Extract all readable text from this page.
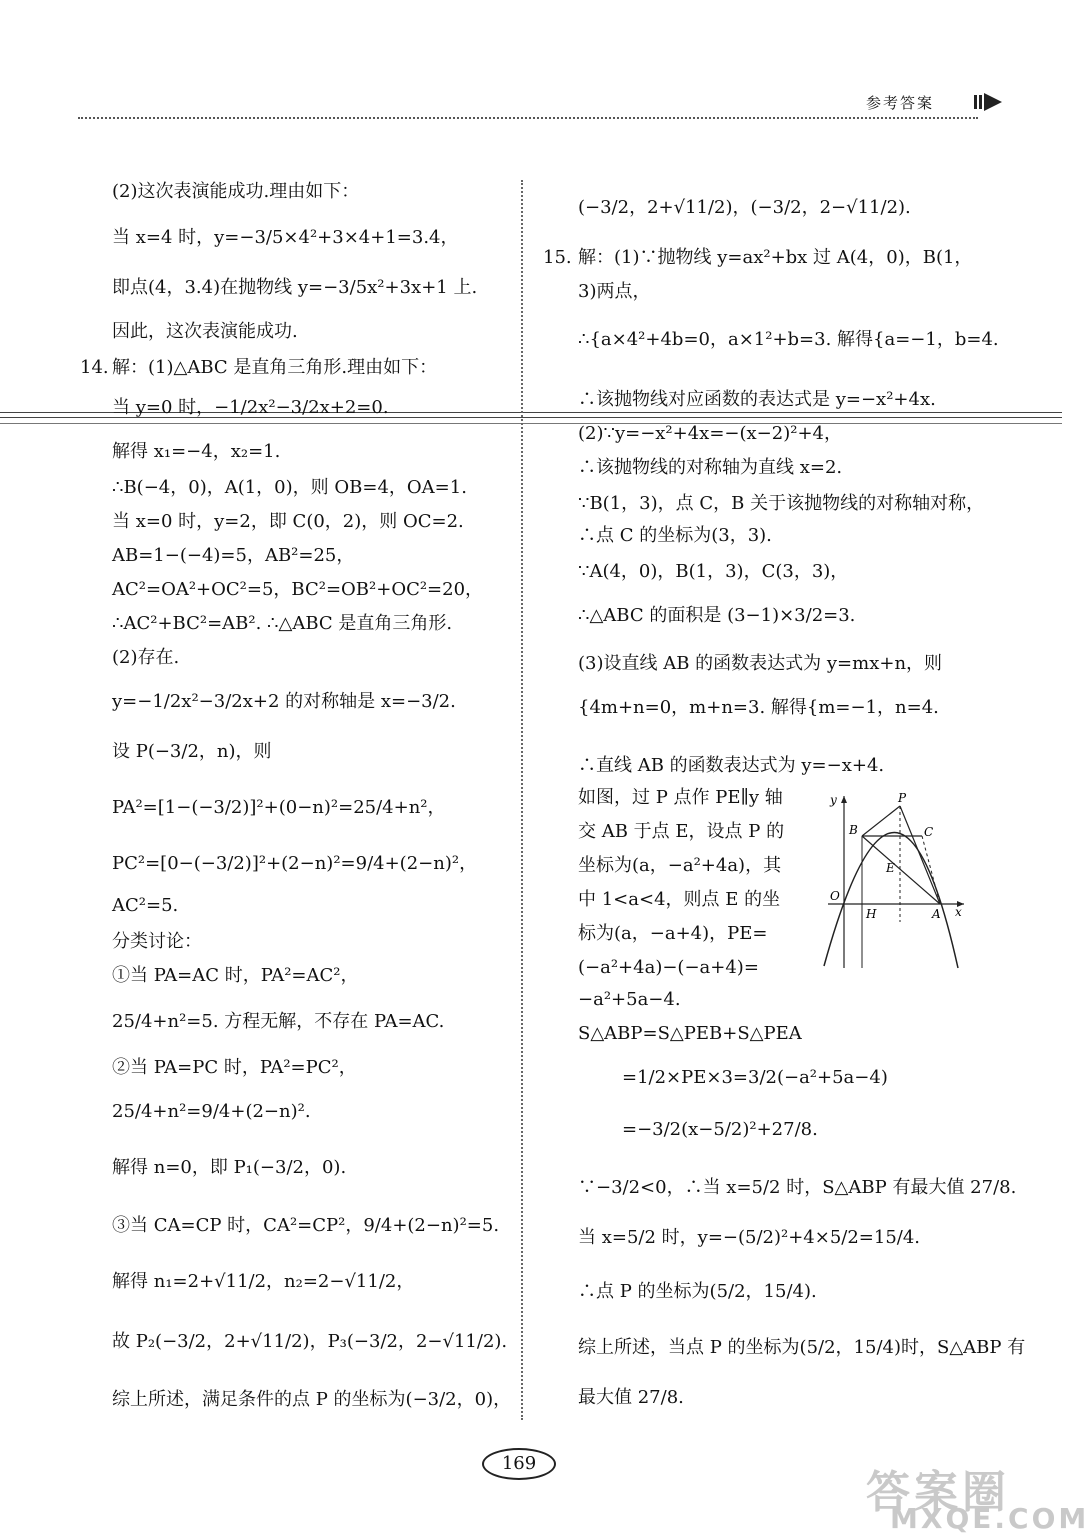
参考答案
14.
(2)这次表演能成功.理由如下：
当 x=4 时，y=−3/5×4²+3×4+1=3.4，
即点(4，3.4)在抛物线 y=−3/5x²+3x+1 上.
因此，这次表演能成功.
解：(1)△ABC 是直角三角形.理由如下：
当 y=0 时，−1/2x²−3/2x+2=0.
解得 x₁=−4，x₂=1.
∴B(−4，0)，A(1，0)，则 OB=4，OA=1.
当 x=0 时，y=2，即 C(0，2)，则 OC=2.
AB=1−(−4)=5，AB²=25，
AC²=OA²+OC²=5，BC²=OB²+OC²=20，
∴AC²+BC²=AB². ∴△ABC 是直角三角形.
(2)存在.
y=−1/2x²−3/2x+2 的对称轴是 x=−3/2.
设 P(−3/2，n)，则
PA²=[1−(−3/2)]²+(0−n)²=25/4+n²，
PC²=[0−(−3/2)]²+(2−n)²=9/4+(2−n)²，
AC²=5.
分类讨论：
①当 PA=AC 时，PA²=AC²，
25/4+n²=5. 方程无解，不存在 PA=AC.
②当 PA=PC 时，PA²=PC²，
25/4+n²=9/4+(2−n)².
解得 n=0，即 P₁(−3/2，0).
③当 CA=CP 时，CA²=CP²，9/4+(2−n)²=5.
解得 n₁=2+√11/2，n₂=2−√11/2，
故 P₂(−3/2，2+√11/2)，P₃(−3/2，2−√11/2).
综上所述，满足条件的点 P 的坐标为(−3/2，0)，
15.
(−3/2，2+√11/2)，(−3/2，2−√11/2).
解：(1)∵抛物线 y=ax²+bx 过 A(4，0)，B(1，
3)两点，
∴{a×4²+4b=0，a×1²+b=3. 解得{a=−1，b=4.
∴该抛物线对应函数的表达式是 y=−x²+4x.
(2)∵y=−x²+4x=−(x−2)²+4，
∴该抛物线的对称轴为直线 x=2.
∵B(1，3)，点 C，B 关于该抛物线的对称轴对称，
∴点 C 的坐标为(3，3).
∵A(4，0)，B(1，3)，C(3，3)，
∴△ABC 的面积是 (3−1)×3/2=3.
(3)设直线 AB 的函数表达式为 y=mx+n，则
{4m+n=0，m+n=3. 解得{m=−1，n=4.
∴直线 AB 的函数表达式为 y=−x+4.
如图，过 P 点作 PE∥y 轴
交 AB 于点 E，设点 P 的
坐标为(a，−a²+4a)，其
中 1<a<4，则点 E 的坐
标为(a，−a+4)，PE=
(−a²+4a)−(−a+4)=
−a²+5a−4.
S△ABP=S△PEB+S△PEA
=1/2×PE×3=3/2(−a²+5a−4)
=−3/2(x−5/2)²+27/8.
∵−3/2<0，∴当 x=5/2 时，S△ABP 有最大值 27/8.
当 x=5/2 时，y=−(5/2)²+4×5/2=15/4.
∴点 P 的坐标为(5/2，15/4).
综上所述，当点 P 的坐标为(5/2，15/4)时，S△ABP 有
最大值 27/8.
y
x
O
P
B	C
E
H	A
169
答案圈
MXQE.COM
